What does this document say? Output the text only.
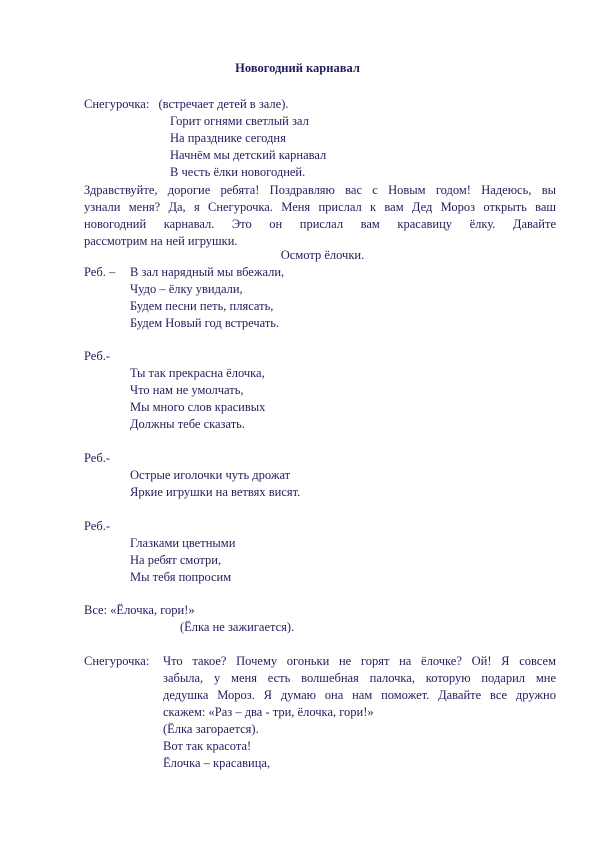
Новогодний карнавал
Снегурочка: (встречает детей в зале).
Горит огнями светлый зал
На празднике сегодня
Начнём мы детский карнавал
В честь ёлки новогодней.
Здравствуйте, дорогие ребята! Поздравляю вас с Новым годом! Надеюсь, вы
узнали меня? Да, я Снегурочка. Меня прислал к вам Дед Мороз открыть ваш
новогодний карнавал. Это он прислал вам красавицу ёлку. Давайте
рассмотрим на ней игрушки.
Осмотр ёлочки.
Реб. – В зал нарядный мы вбежали,
Чудо – ёлку увидали,
Будем песни петь, плясать,
Будем Новый год встречать.
Реб.-
Ты так прекрасна ёлочка,
Что нам не умолчать,
Мы много слов красивых
Должны тебе сказать.
Реб.-
Острые иголочки чуть дрожат
Яркие игрушки на ветвях висят.
Реб.-
Глазками цветными
На ребят смотри,
Мы тебя попросим
Все: «Ёлочка, гори!»
(Ёлка не зажигается).
Снегурочка: Что такое? Почему огоньки не горят на ёлочке? Ой! Я совсем
забыла, у меня есть волшебная палочка, которую подарил мне
дедушка Мороз. Я думаю она нам поможет. Давайте все дружно
скажем: «Раз – два - три, ёлочка, гори!»
(Ёлка загорается).
Вот так красота!
Ёлочка – красавица,
